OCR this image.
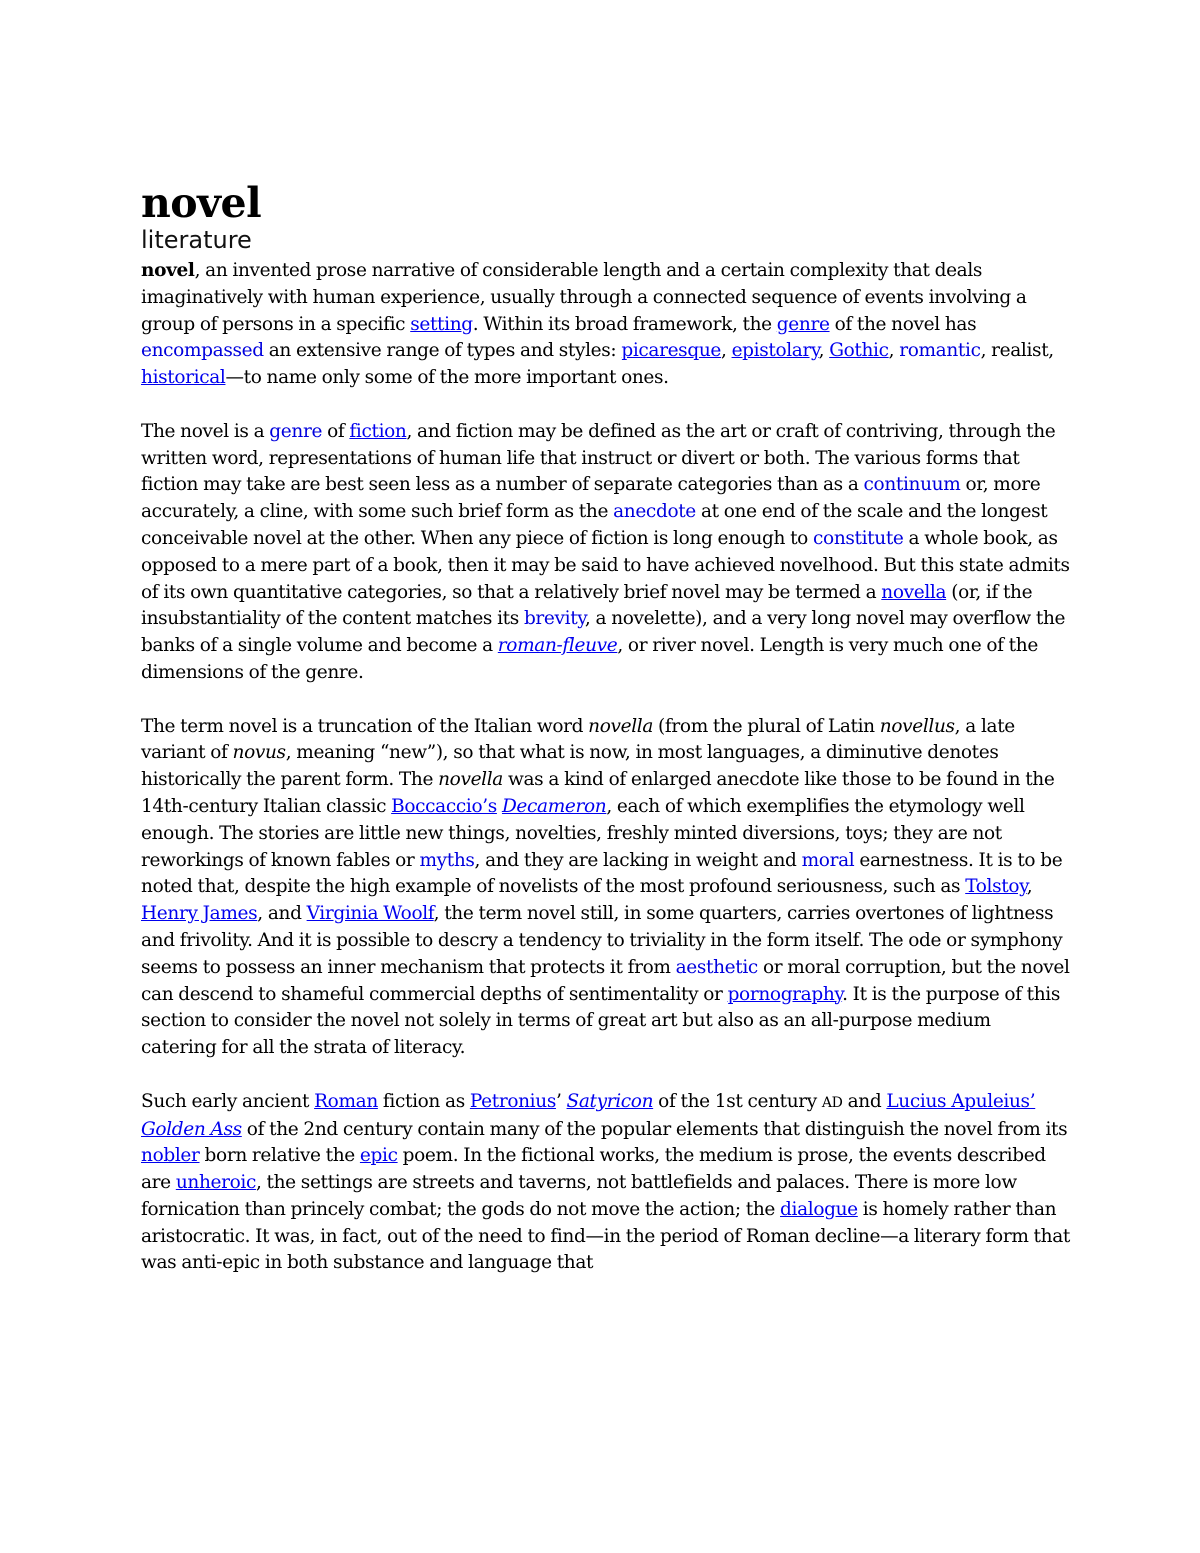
novel
literature

novel, an invented prose narrative of considerable length and a certain complexity that deals imaginatively with human experience, usually through a connected sequence of events involving a group of persons in a specific setting. Within its broad framework, the genre of the novel has encompassed an extensive range of types and styles: picaresque, epistolary, Gothic, romantic, realist, historical—to name only some of the more important ones.

The novel is a genre of fiction, and fiction may be defined as the art or craft of contriving, through the written word, representations of human life that instruct or divert or both. The various forms that fiction may take are best seen less as a number of separate categories than as a continuum or, more accurately, a cline, with some such brief form as the anecdote at one end of the scale and the longest conceivable novel at the other. When any piece of fiction is long enough to constitute a whole book, as opposed to a mere part of a book, then it may be said to have achieved novelhood. But this state admits of its own quantitative categories, so that a relatively brief novel may be termed a novella (or, if the insubstantiality of the content matches its brevity, a novelette), and a very long novel may overflow the banks of a single volume and become a roman-fleuve, or river novel. Length is very much one of the dimensions of the genre.

The term novel is a truncation of the Italian word novella (from the plural of Latin novellus, a late variant of novus, meaning “new”), so that what is now, in most languages, a diminutive denotes historically the parent form. The novella was a kind of enlarged anecdote like those to be found in the 14th-century Italian classic Boccaccio’s Decameron, each of which exemplifies the etymology well enough. The stories are little new things, novelties, freshly minted diversions, toys; they are not reworkings of known fables or myths, and they are lacking in weight and moral earnestness. It is to be noted that, despite the high example of novelists of the most profound seriousness, such as Tolstoy, Henry James, and Virginia Woolf, the term novel still, in some quarters, carries overtones of lightness and frivolity. And it is possible to descry a tendency to triviality in the form itself. The ode or symphony seems to possess an inner mechanism that protects it from aesthetic or moral corruption, but the novel can descend to shameful commercial depths of sentimentality or pornography. It is the purpose of this section to consider the novel not solely in terms of great art but also as an all-purpose medium catering for all the strata of literacy.

Such early ancient Roman fiction as Petronius’ Satyricon of the 1st century AD and Lucius Apuleius’ Golden Ass of the 2nd century contain many of the popular elements that distinguish the novel from its nobler born relative the epic poem. In the fictional works, the medium is prose, the events described are unheroic, the settings are streets and taverns, not battlefields and palaces. There is more low fornication than princely combat; the gods do not move the action; the dialogue is homely rather than aristocratic. It was, in fact, out of the need to find—in the period of Roman decline—a literary form that was anti-epic in both substance and language that
